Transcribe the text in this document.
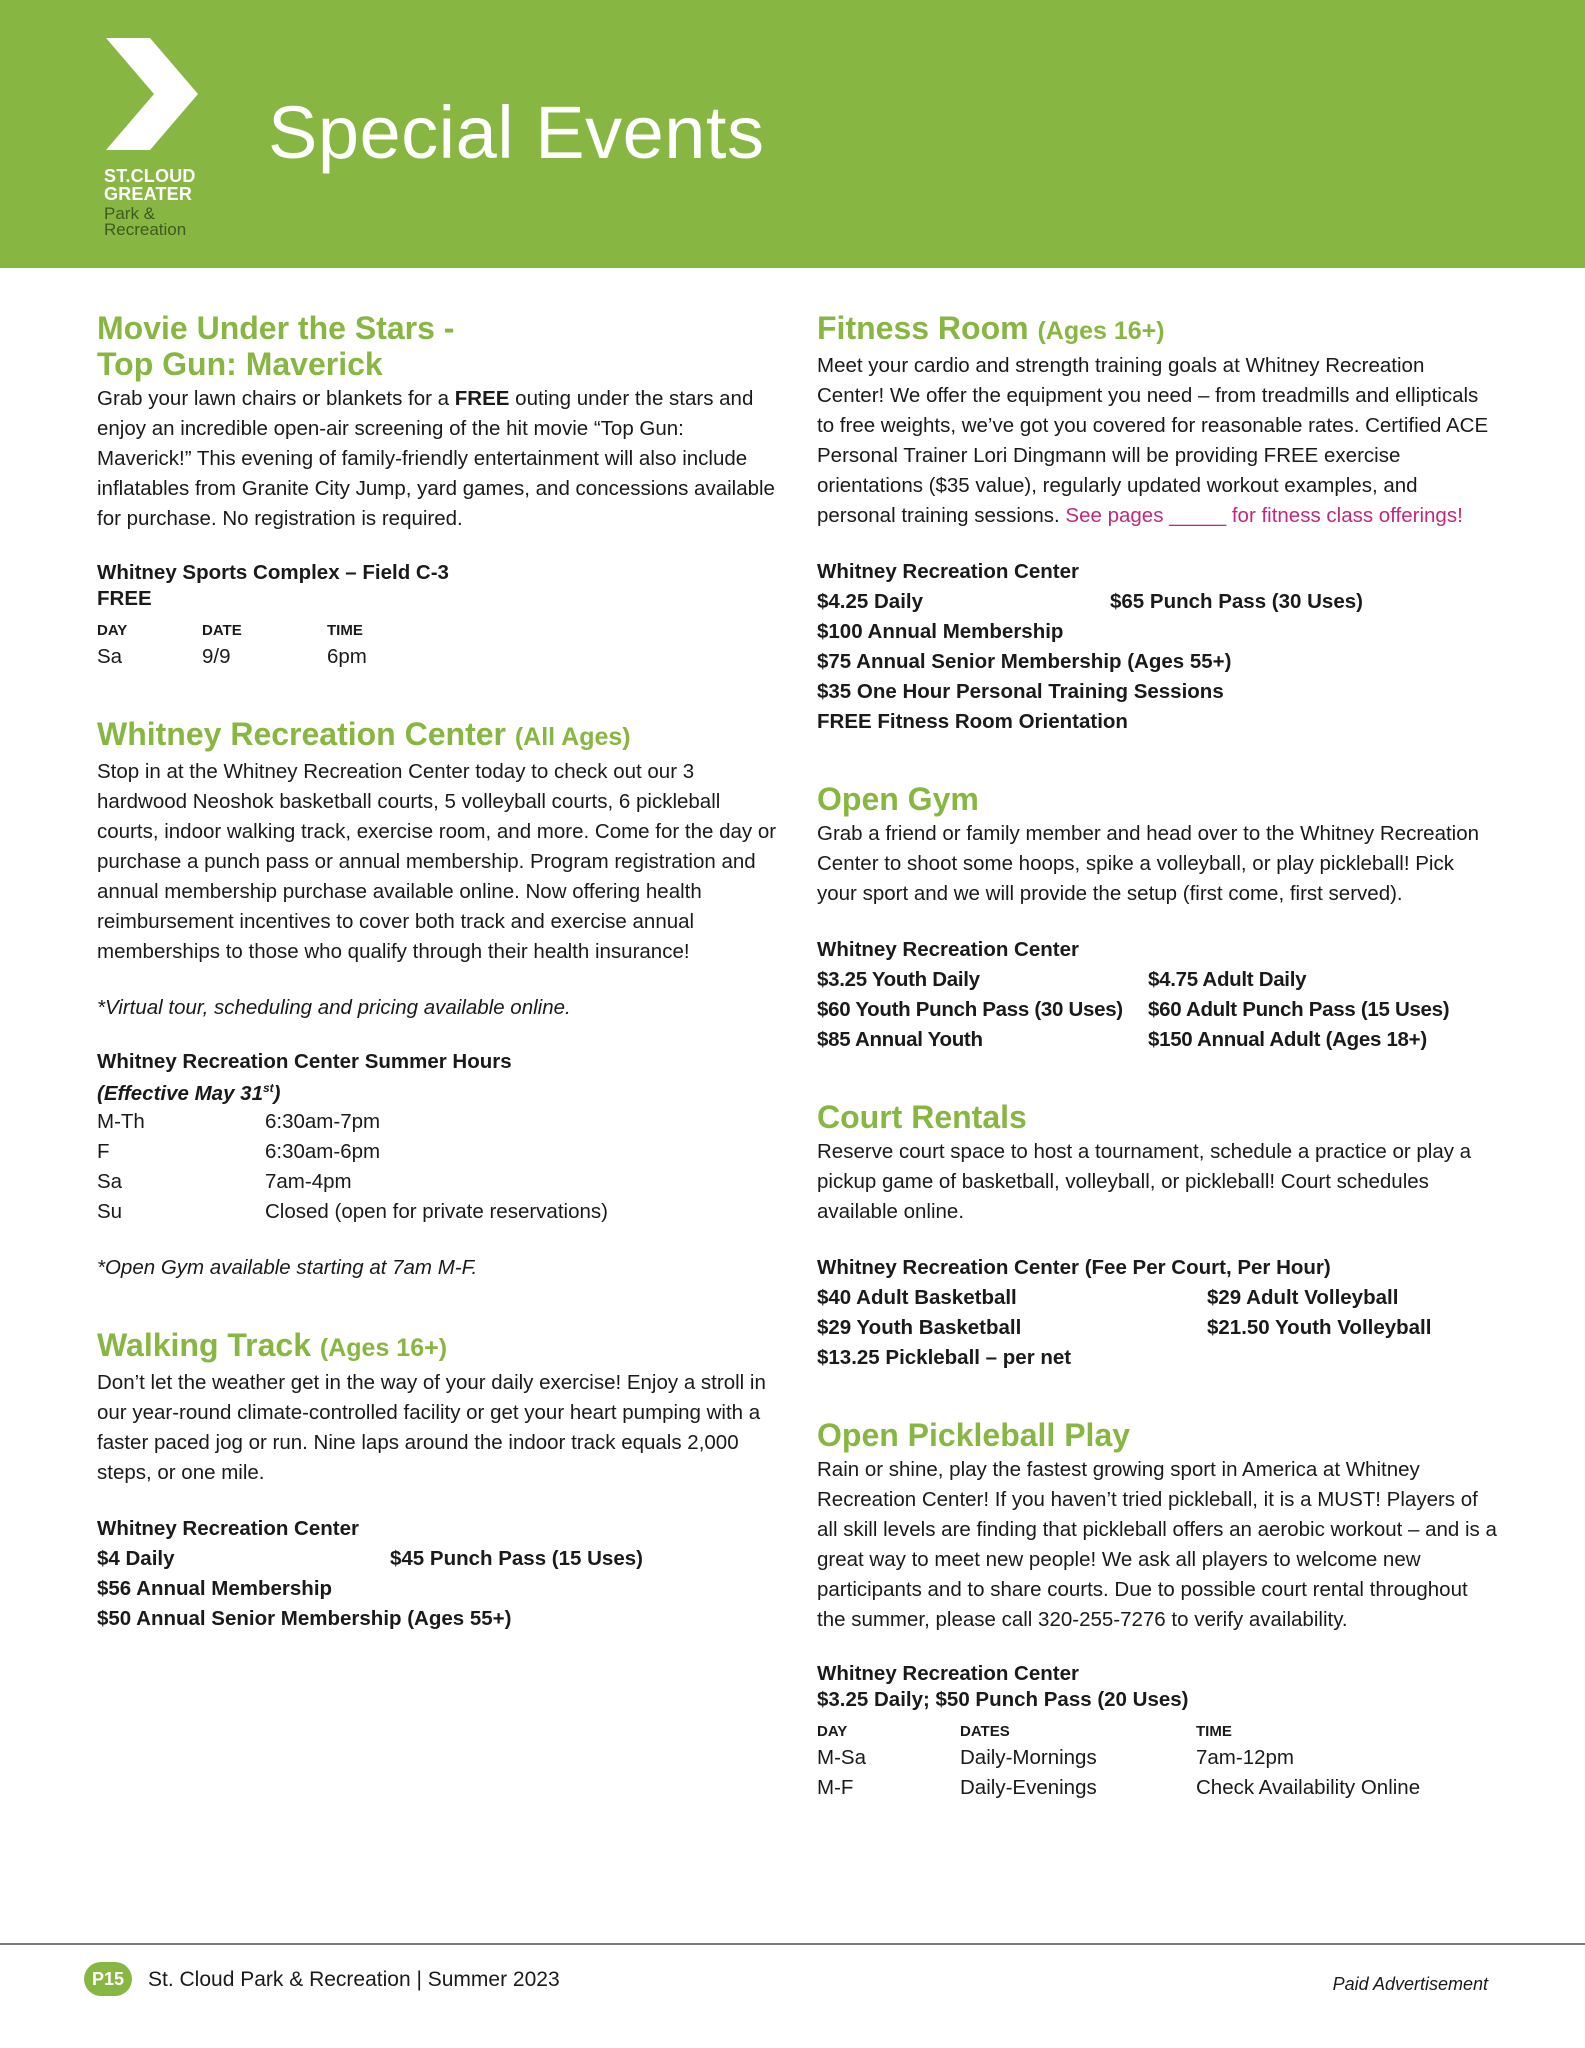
ST.CLOUD
GREATER
Park &
Recreation
Special Events
Movie Under the Stars -
Top Gun: Maverick

Grab your lawn chairs or blankets for a FREE outing under the stars and enjoy an incredible open-air screening of the hit movie “Top Gun: Maverick!” This evening of family-friendly entertainment will also include inflatables from Granite City Jump, yard games, and concessions available for purchase. No registration is required.

Whitney Sports Complex – Field C-3
FREE
DAY	DATE	TIME
Sa	9/9	6pm
Whitney Recreation Center (All Ages)

Stop in at the Whitney Recreation Center today to check out our 3 hardwood Neoshok basketball courts, 5 volleyball courts, 6 pickleball courts, indoor walking track, exercise room, and more. Come for the day or purchase a punch pass or annual membership. Program registration and annual membership purchase available online. Now offering health reimbursement incentives to cover both track and exercise annual memberships to those who qualify through their health insurance!

*Virtual tour, scheduling and pricing available online.

Whitney Recreation Center Summer Hours
(Effective May 31st)
M-Th	6:30am-7pm
F	6:30am-6pm
Sa	7am-4pm
Su	Closed (open for private reservations)

*Open Gym available starting at 7am M-F.

Walking Track (Ages 16+)

Don’t let the weather get in the way of your daily exercise! Enjoy a stroll in our year-round climate-controlled facility or get your heart pumping with a faster paced jog or run. Nine laps around the indoor track equals 2,000 steps, or one mile.

Whitney Recreation Center
$4 Daily	$45 Punch Pass (15 Uses)
$56 Annual Membership
$50 Annual Senior Membership (Ages 55+)
Fitness Room (Ages 16+)

Meet your cardio and strength training goals at Whitney Recreation Center! We offer the equipment you need – from treadmills and ellipticals to free weights, we’ve got you covered for reasonable rates. Certified ACE Personal Trainer Lori Dingmann will be providing FREE exercise orientations ($35 value), regularly updated workout examples, and personal training sessions. See pages _____ for fitness class offerings!

Whitney Recreation Center
$4.25 Daily	$65 Punch Pass (30 Uses)
$100 Annual Membership
$75 Annual Senior Membership (Ages 55+)
$35 One Hour Personal Training Sessions
FREE Fitness Room Orientation
Open Gym

Grab a friend or family member and head over to the Whitney Recreation Center to shoot some hoops, spike a volleyball, or play pickleball! Pick your sport and we will provide the setup (first come, first served).

Whitney Recreation Center
$3.25 Youth Daily	$4.75 Adult Daily
$60 Youth Punch Pass (30 Uses)	$60 Adult Punch Pass (15 Uses)
$85 Annual Youth	$150 Annual Adult (Ages 18+)
Court Rentals

Reserve court space to host a tournament, schedule a practice or play a pickup game of basketball, volleyball, or pickleball! Court schedules available online.

Whitney Recreation Center (Fee Per Court, Per Hour)
$40 Adult Basketball	$29 Adult Volleyball
$29 Youth Basketball	$21.50 Youth Volleyball
$13.25 Pickleball – per net
Open Pickleball Play

Rain or shine, play the fastest growing sport in America at Whitney Recreation Center! If you haven’t tried pickleball, it is a MUST! Players of all skill levels are finding that pickleball offers an aerobic workout – and is a great way to meet new people! We ask all players to welcome new participants and to share courts. Due to possible court rental throughout the summer, please call 320-255-7276 to verify availability.

Whitney Recreation Center
$3.25 Daily; $50 Punch Pass (20 Uses)
DAY	DATES	TIME
M-Sa	Daily-Mornings	7am-12pm
M-F	Daily-Evenings	Check Availability Online
P15	St. Cloud Park & Recreation | Summer 2023	Paid Advertisement
